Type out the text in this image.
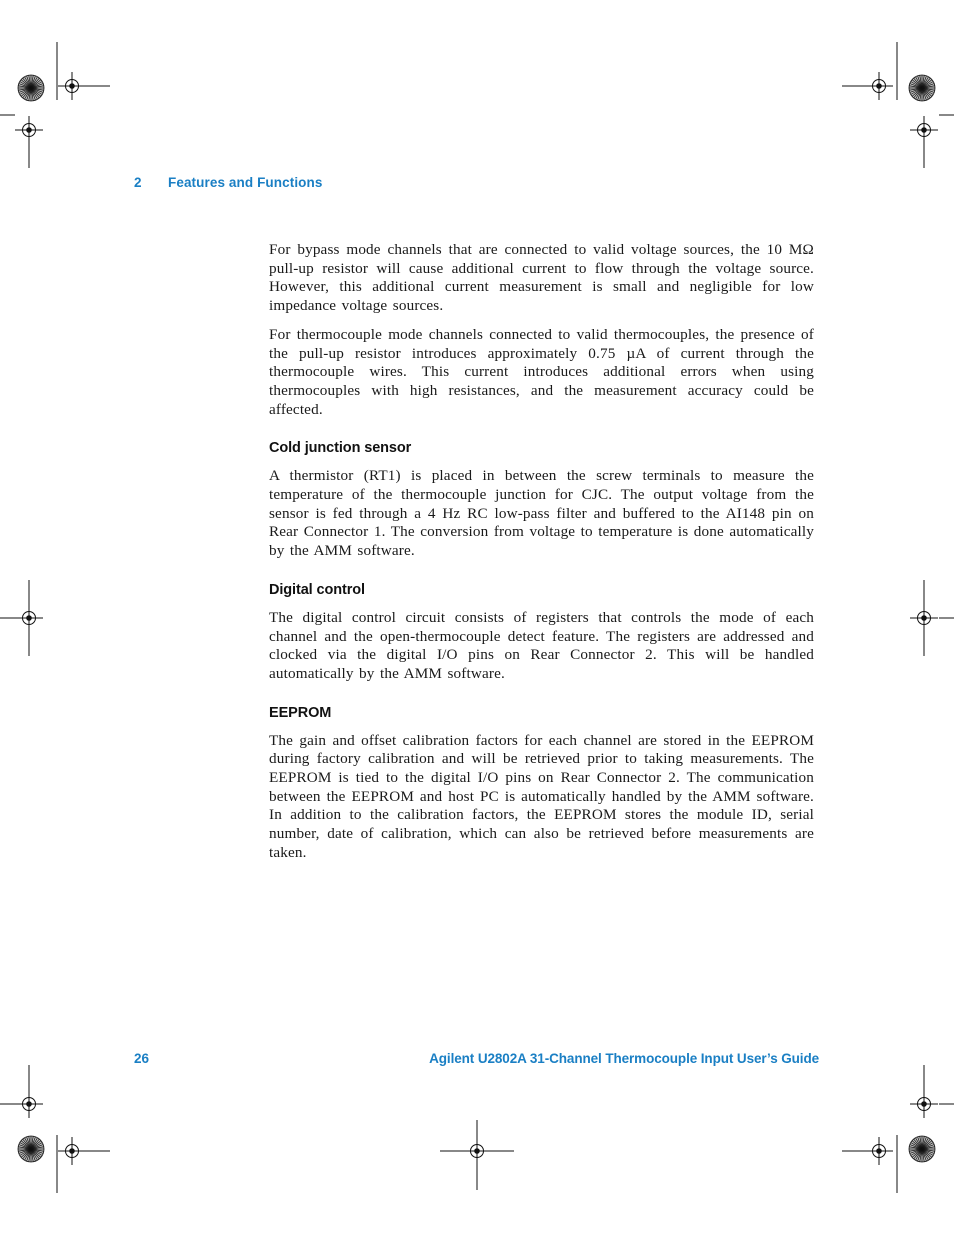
2 Features and Functions

For bypass mode channels that are connected to valid voltage sources, the 10 MΩ pull-up resistor will cause additional current to flow through the voltage source. However, this additional current measurement is small and negligible for low impedance voltage sources.

For thermocouple mode channels connected to valid thermocouples, the presence of the pull-up resistor introduces approximately 0.75 µA of current through the thermocouple wires. This current introduces additional errors when using thermocouples with high resistances, and the measurement accuracy could be affected.

Cold junction sensor

A thermistor (RT1) is placed in between the screw terminals to measure the temperature of the thermocouple junction for CJC. The output voltage from the sensor is fed through a 4 Hz RC low-pass filter and buffered to the AI148 pin on Rear Connector 1. The conversion from voltage to temperature is done automatically by the AMM software.

Digital control

The digital control circuit consists of registers that controls the mode of each channel and the open-thermocouple detect feature. The registers are addressed and clocked via the digital I/O pins on Rear Connector 2. This will be handled automatically by the AMM software.

EEPROM

The gain and offset calibration factors for each channel are stored in the EEPROM during factory calibration and will be retrieved prior to taking measurements. The EEPROM is tied to the digital I/O pins on Rear Connector 2. The communication between the EEPROM and host PC is automatically handled by the AMM software. In addition to the calibration factors, the EEPROM stores the module ID, serial number, date of calibration, which can also be retrieved before measurements are taken.

26	Agilent U2802A 31-Channel Thermocouple Input User’s Guide
